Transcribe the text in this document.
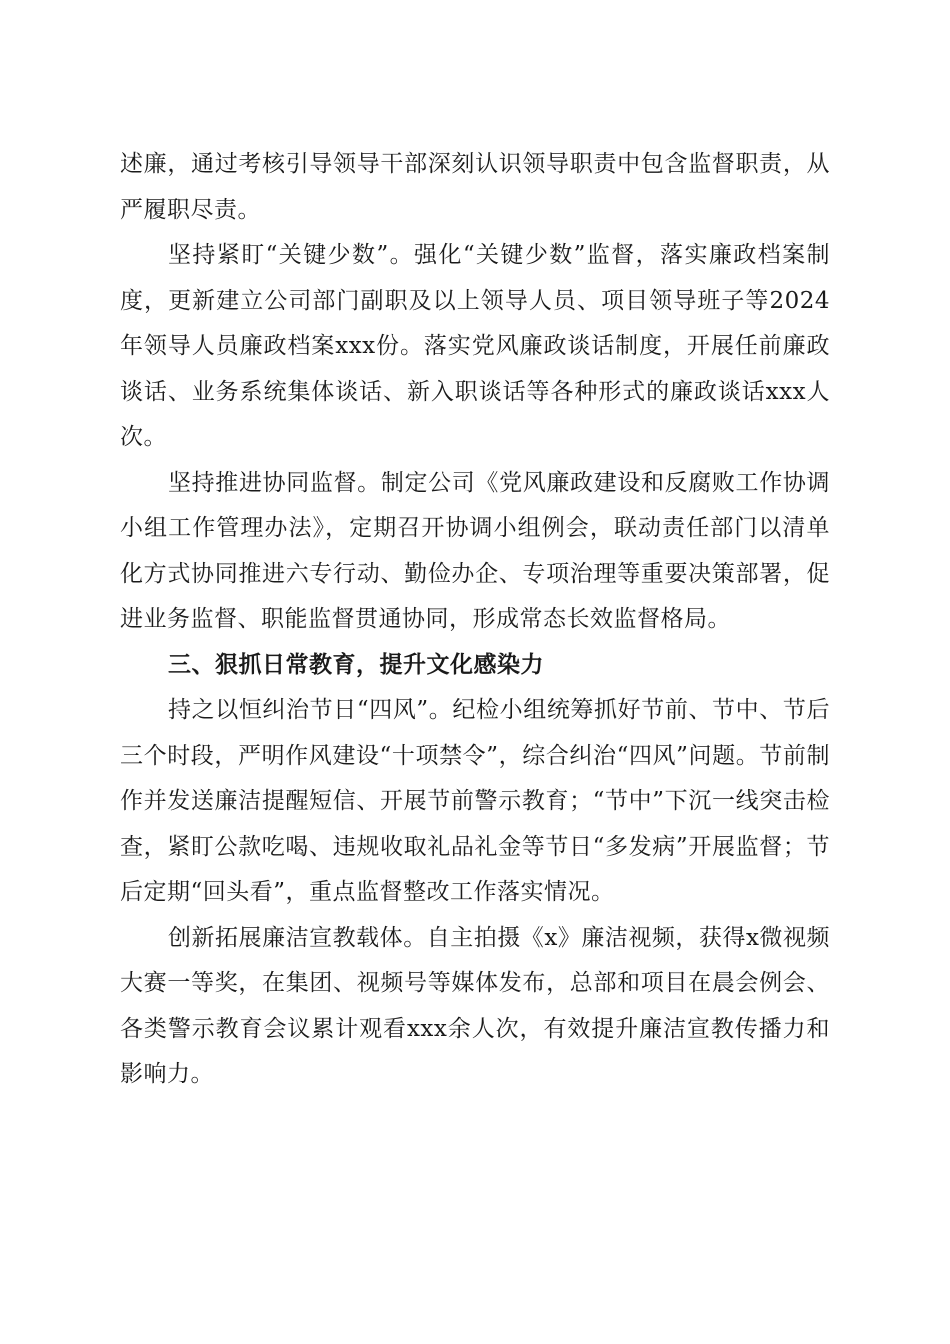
述廉，通过考核引导领导干部深刻认识领导职责中包含监督职责，从严履职尽责。

坚持紧盯“关键少数”。强化“关键少数”监督，落实廉政档案制度，更新建立公司部门副职及以上领导人员、项目领导班子等2024年领导人员廉政档案xxx份。落实党风廉政谈话制度，开展任前廉政谈话、业务系统集体谈话、新入职谈话等各种形式的廉政谈话xxx人次。

坚持推进协同监督。制定公司《党风廉政建设和反腐败工作协调小组工作管理办法》，定期召开协调小组例会，联动责任部门以清单化方式协同推进六专行动、勤俭办企、专项治理等重要决策部署，促进业务监督、职能监督贯通协同，形成常态长效监督格局。

三、狠抓日常教育，提升文化感染力

持之以恒纠治节日“四风”。纪检小组统筹抓好节前、节中、节后三个时段，严明作风建设“十项禁令”，综合纠治“四风”问题。节前制作并发送廉洁提醒短信、开展节前警示教育；“节中”下沉一线突击检查，紧盯公款吃喝、违规收取礼品礼金等节日“多发病”开展监督；节后定期“回头看”，重点监督整改工作落实情况。

创新拓展廉洁宣教载体。自主拍摄《x》廉洁视频，获得x微视频大赛一等奖，在集团、视频号等媒体发布，总部和项目在晨会例会、各类警示教育会议累计观看xxx余人次，有效提升廉洁宣教传播力和影响力。
